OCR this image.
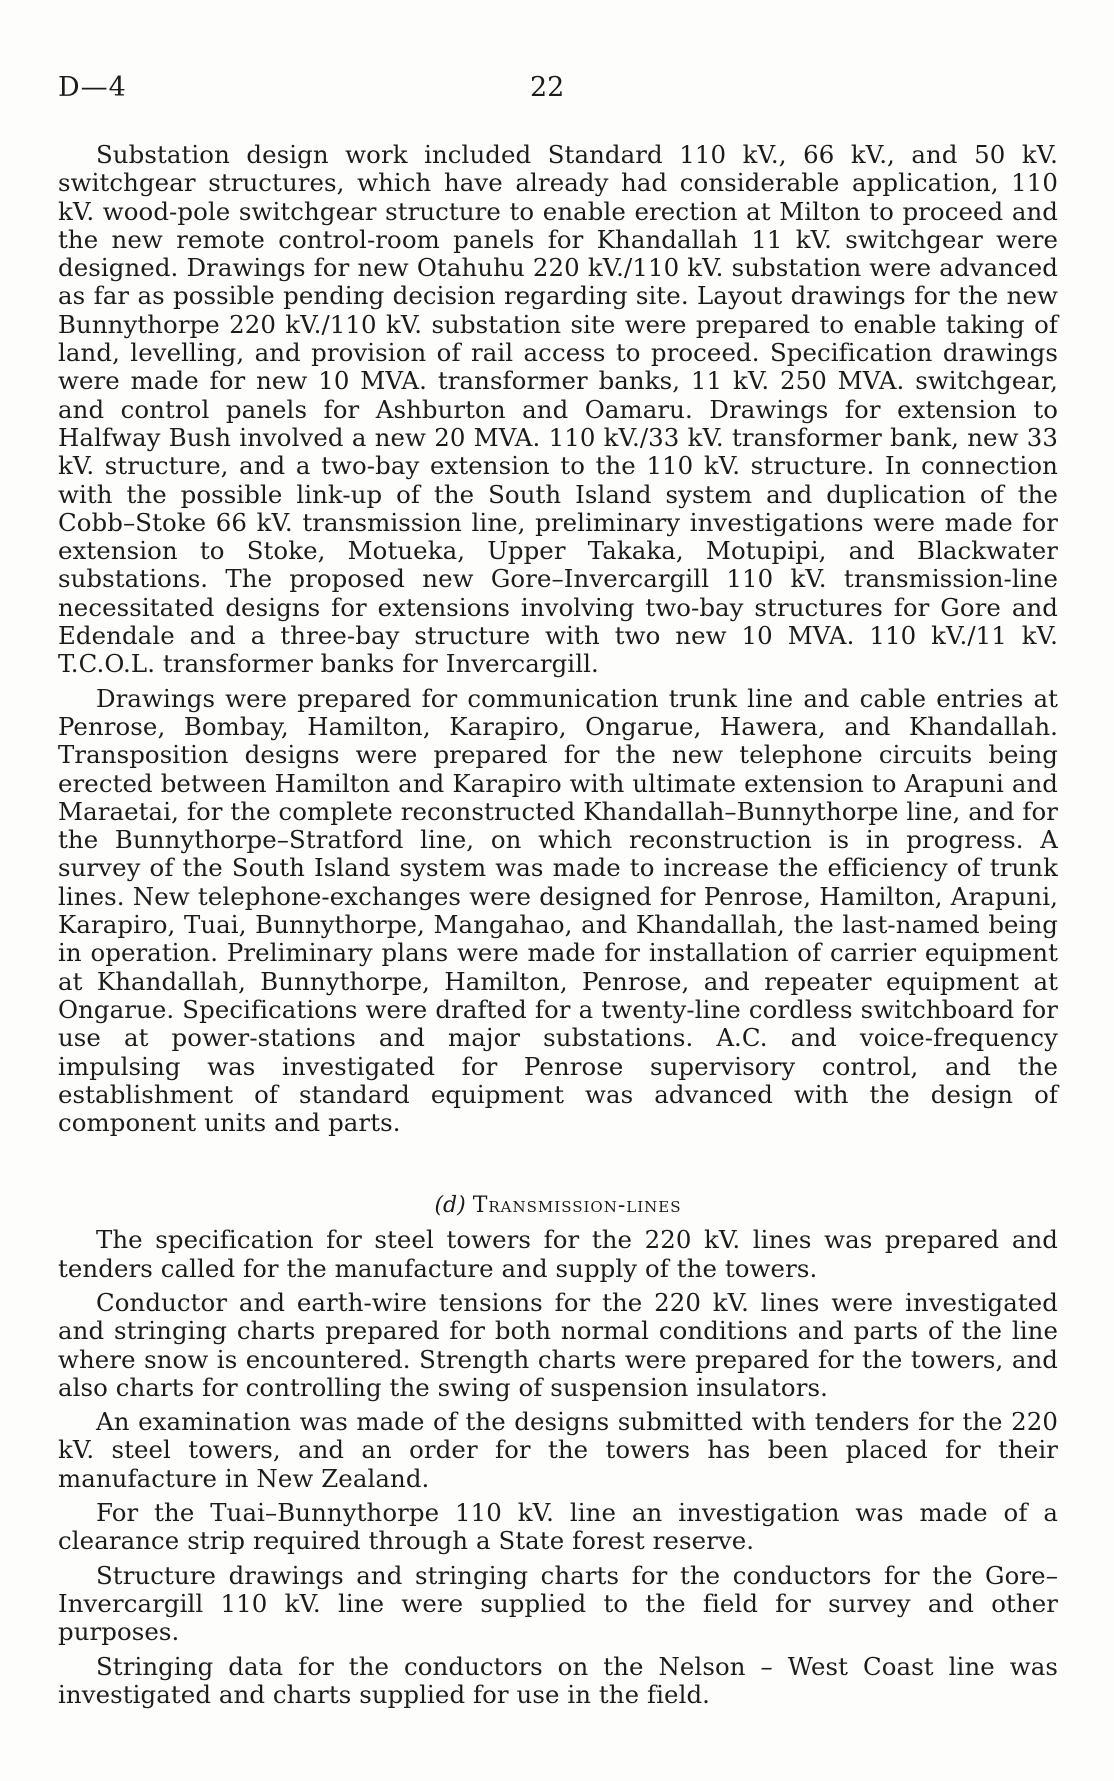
D—4	22

Substation design work included Standard 110 kV., 66 kV., and 50 kV. switchgear structures, which have already had considerable application, 110 kV. wood-pole switchgear structure to enable erection at Milton to proceed and the new remote control-room panels for Khandallah 11 kV. switchgear were designed. Drawings for new Otahuhu 220 kV./110 kV. substation were advanced as far as possible pending decision regarding site. Layout drawings for the new Bunnythorpe 220 kV./110 kV. substation site were prepared to enable taking of land, levelling, and provision of rail access to proceed. Specification drawings were made for new 10 MVA. transformer banks, 11 kV. 250 MVA. switchgear, and control panels for Ashburton and Oamaru. Drawings for extension to Halfway Bush involved a new 20 MVA. 110 kV./33 kV. transformer bank, new 33 kV. structure, and a two-bay extension to the 110 kV. structure. In connection with the possible link-up of the South Island system and duplication of the Cobb–Stoke 66 kV. transmission line, preliminary investigations were made for extension to Stoke, Motueka, Upper Takaka, Motupipi, and Blackwater substations. The proposed new Gore–Invercargill 110 kV. transmission-line necessitated designs for extensions involving two-bay structures for Gore and Edendale and a three-bay structure with two new 10 MVA. 110 kV./11 kV. T.C.O.L. transformer banks for Invercargill.

Drawings were prepared for communication trunk line and cable entries at Penrose, Bombay, Hamilton, Karapiro, Ongarue, Hawera, and Khandallah. Transposition designs were prepared for the new telephone circuits being erected between Hamilton and Karapiro with ultimate extension to Arapuni and Maraetai, for the complete reconstructed Khandallah–Bunnythorpe line, and for the Bunnythorpe–Stratford line, on which reconstruction is in progress. A survey of the South Island system was made to increase the efficiency of trunk lines. New telephone-exchanges were designed for Penrose, Hamilton, Arapuni, Karapiro, Tuai, Bunnythorpe, Mangahao, and Khandallah, the last-named being in operation. Preliminary plans were made for installation of carrier equipment at Khandallah, Bunnythorpe, Hamilton, Penrose, and repeater equipment at Ongarue. Specifications were drafted for a twenty-line cordless switchboard for use at power-stations and major substations. A.C. and voice-frequency impulsing was investigated for Penrose supervisory control, and the establishment of standard equipment was advanced with the design of component units and parts.

(d) Transmission-lines

The specification for steel towers for the 220 kV. lines was prepared and tenders called for the manufacture and supply of the towers.

Conductor and earth-wire tensions for the 220 kV. lines were investigated and stringing charts prepared for both normal conditions and parts of the line where snow is encountered. Strength charts were prepared for the towers, and also charts for controlling the swing of suspension insulators.

An examination was made of the designs submitted with tenders for the 220 kV. steel towers, and an order for the towers has been placed for their manufacture in New Zealand.

For the Tuai–Bunnythorpe 110 kV. line an investigation was made of a clearance strip required through a State forest reserve.

Structure drawings and stringing charts for the conductors for the Gore–Invercargill 110 kV. line were supplied to the field for survey and other purposes.

Stringing data for the conductors on the Nelson – West Coast line was investigated and charts supplied for use in the field.
